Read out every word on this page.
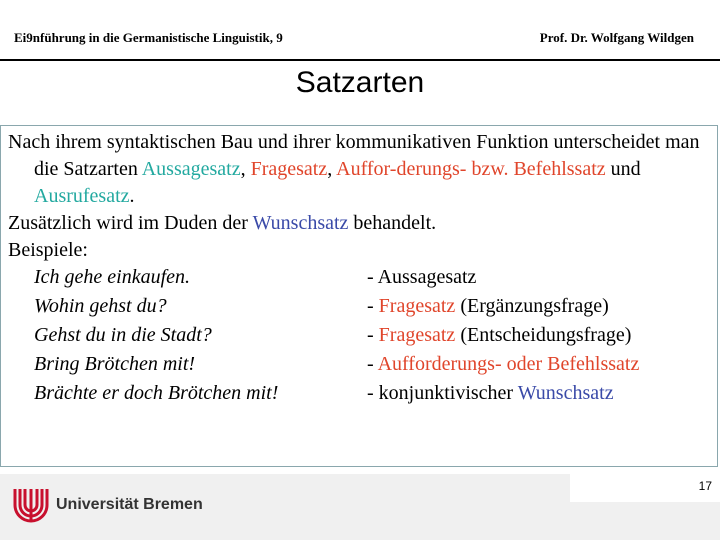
Ei9nführung in die Germanistische Linguistik, 9	Prof. Dr. Wolfgang Wildgen
Satzarten

Nach ihrem syntaktischen Bau und ihrer kommunikativen Funktion unterscheidet man die Satzarten Aussagesatz, Fragesatz, Auffor-derungs- bzw. Befehlssatz und Ausrufesatz.

Zusätzlich wird im Duden der Wunschsatz behandelt.

Beispiele:

Ich gehe einkaufen.	- Aussagesatz
Wohin gehst du?	- Fragesatz (Ergänzungsfrage)
Gehst du in die Stadt?	- Fragesatz (Entscheidungsfrage)
Bring Brötchen mit!	- Aufforderungs- oder Befehlssatz
Brächte er doch Brötchen mit!	- konjunktivischer Wunschsatz
17
Universität Bremen
